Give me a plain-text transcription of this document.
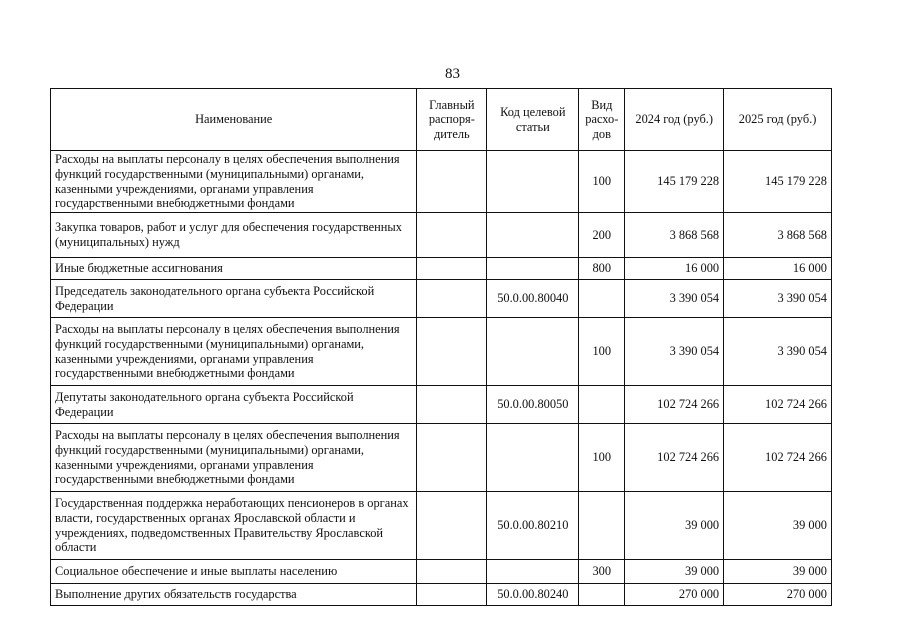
83
Наименование	Главный распоря-дитель	Код целевой статьи	Вид расхо-дов	2024 год (руб.)	2025 год (руб.)
Расходы на выплаты персоналу в целях обеспечения выполнения функций государственными (муниципальными) органами, казенными учреждениями, органами управления государственными внебюджетными фондами			100	145 179 228	145 179 228
Закупка товаров, работ и услуг для обеспечения государственных (муниципальных) нужд			200	3 868 568	3 868 568
Иные бюджетные ассигнования			800	16 000	16 000
Председатель законодательного органа субъекта Российской Федерации		50.0.00.80040		3 390 054	3 390 054
Расходы на выплаты персоналу в целях обеспечения выполнения функций государственными (муниципальными) органами, казенными учреждениями, органами управления государственными внебюджетными фондами			100	3 390 054	3 390 054
Депутаты законодательного органа субъекта Российской Федерации		50.0.00.80050		102 724 266	102 724 266
Расходы на выплаты персоналу в целях обеспечения выполнения функций государственными (муниципальными) органами, казенными учреждениями, органами управления государственными внебюджетными фондами			100	102 724 266	102 724 266
Государственная поддержка неработающих пенсионеров в органах власти, государственных органах Ярославской области и учреждениях, подведомственных Правительству Ярославской области		50.0.00.80210		39 000	39 000
Социальное обеспечение и иные выплаты населению			300	39 000	39 000
Выполнение других обязательств государства		50.0.00.80240		270 000	270 000
